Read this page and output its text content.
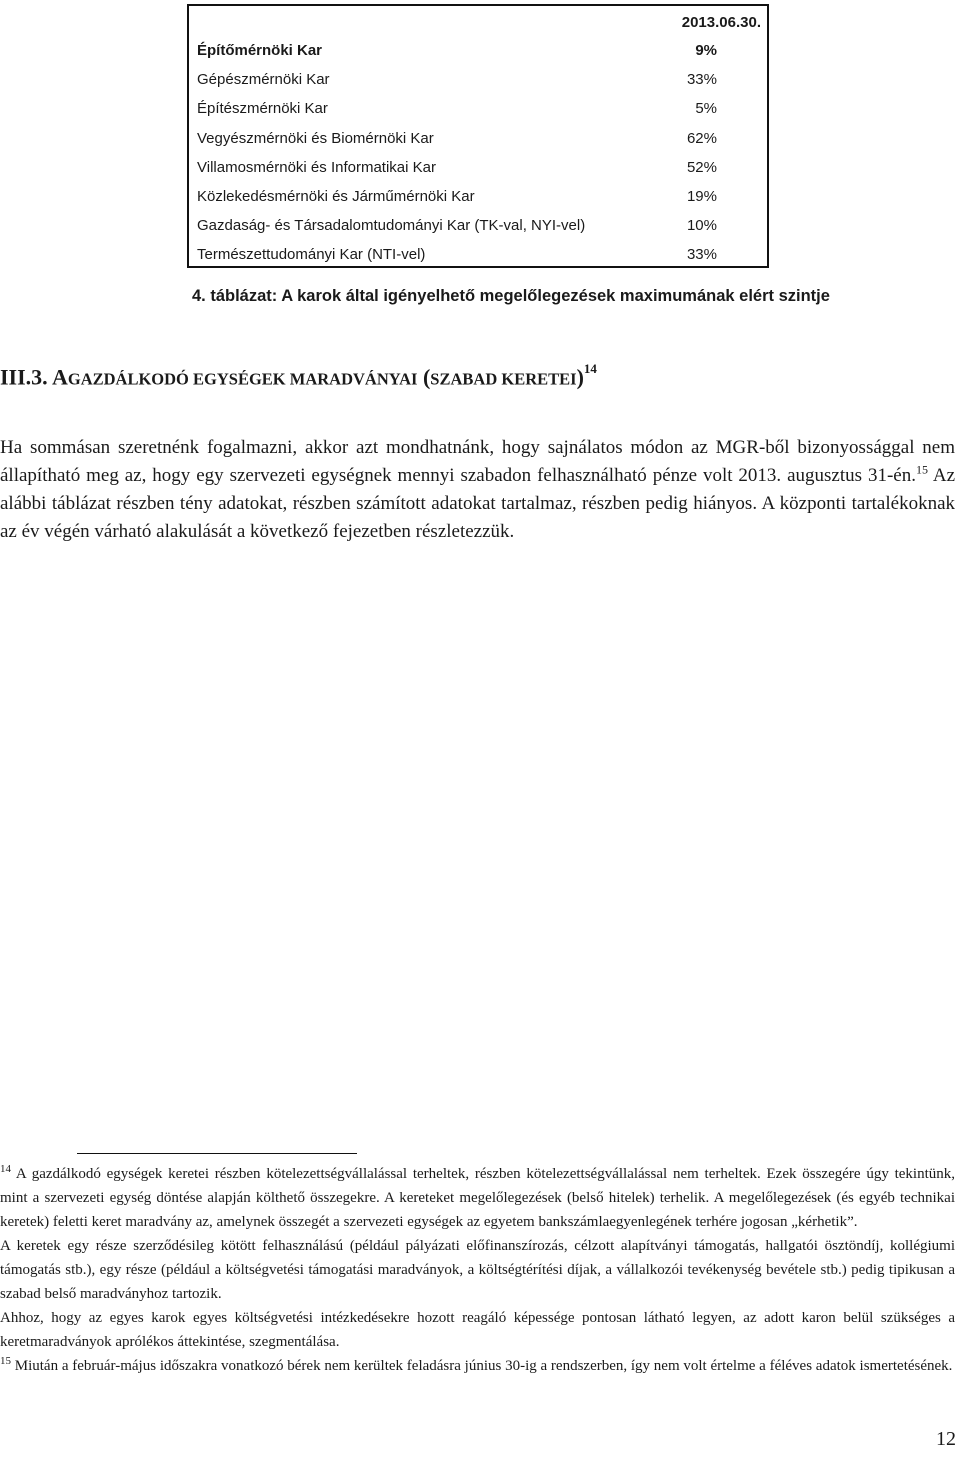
2013.06.30.
Építőmérnöki Kar	9%
Gépészmérnöki Kar	33%
Építészmérnöki Kar	5%
Vegyészmérnöki és Biomérnöki Kar	62%
Villamosmérnöki és Informatikai Kar	52%
Közlekedésmérnöki és Járműmérnöki Kar	19%
Gazdaság- és Társadalomtudományi Kar (TK-val, NYI-vel)	10%
Természettudományi Kar (NTI-vel)	33%
4. táblázat: A karok által igényelhető megelőlegezések maximumának elért szintje
III.3. AGAZDÁLKODÓ EGYSÉGEK MARADVÁNYAI (SZABAD KERETEI)$^{14}$
Ha sommásan szeretnénk fogalmazni, akkor azt mondhatnánk, hogy sajnálatos módon az MGR-ből bizonyossággal nem állapítható meg az, hogy egy szervezeti egységnek mennyi szabadon felhasználható pénze volt 2013. augusztus 31-én.$^{15}$ Az alábbi táblázat részben tény adatokat, részben számított adatokat tartalmaz, részben pedig hiányos. A központi tartalékoknak az év végén várható alakulását a következő fejezetben részletezzük.

$^{14}$ A gazdálkodó egységek keretei részben kötelezettségvállalással terheltek, részben kötelezettségvállalással nem terheltek. Ezek összegére úgy tekintünk, mint a szervezeti egység döntése alapján költhető összegekre. A kereteket megelőlegezések (belső hitelek) terhelik. A megelőlegezések (és egyéb technikai keretek) feletti keret maradvány az, amelynek összegét a szervezeti egységek az egyetem bankszámlaegyenlegének terhére jogosan „kérhetik”.

A keretek egy része szerződésileg kötött felhasználású (például pályázati előfinanszírozás, célzott alapítványi támogatás, hallgatói ösztöndíj, kollégiumi támogatás stb.), egy része (például a költségvetési támogatási maradványok, a költségtérítési díjak, a vállalkozói tevékenység bevétele stb.) pedig tipikusan a szabad belső maradványhoz tartozik.

Ahhoz, hogy az egyes karok egyes költségvetési intézkedésekre hozott reagáló képessége pontosan látható legyen, az adott karon belül szükséges a keretmaradványok aprólékos áttekintése, szegmentálása.

$^{15}$ Miután a február-május időszakra vonatkozó bérek nem kerültek feladásra június 30-ig a rendszerben, így nem volt értelme a féléves adatok ismertetésének.

12
